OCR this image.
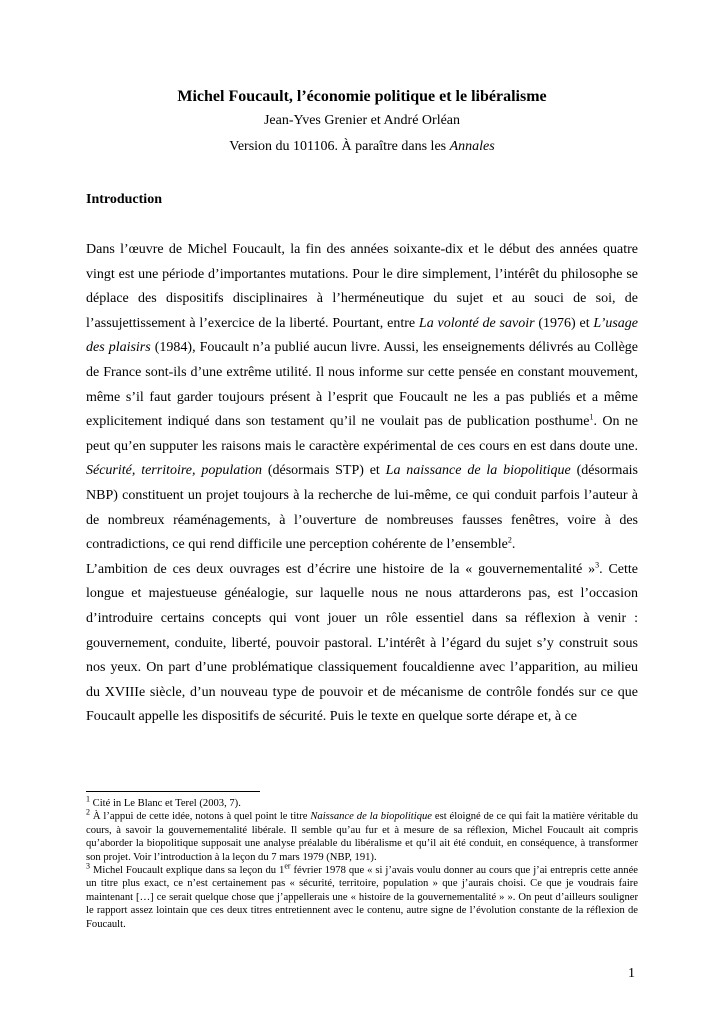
Michel Foucault, l’économie politique et le libéralisme
Jean-Yves Grenier et André Orléan
Version du 101106. À paraître dans les Annales
Introduction

Dans l’œuvre de Michel Foucault, la fin des années soixante-dix et le début des années quatre vingt est une période d’importantes mutations. Pour le dire simplement, l’intérêt du philosophe se déplace des dispositifs disciplinaires à l’herméneutique du sujet et au souci de soi, de l’assujettissement à l’exercice de la liberté. Pourtant, entre La volonté de savoir (1976) et L’usage des plaisirs (1984), Foucault n’a publié aucun livre. Aussi, les enseignements délivrés au Collège de France sont-ils d’une extrême utilité. Il nous informe sur cette pensée en constant mouvement, même s’il faut garder toujours présent à l’esprit que Foucault ne les a pas publiés et a même explicitement indiqué dans son testament qu’il ne voulait pas de publication posthume$^1$. On ne peut qu’en supputer les raisons mais le caractère expérimental de ces cours en est dans doute une. Sécurité, territoire, population (désormais STP) et La naissance de la biopolitique (désormais NBP) constituent un projet toujours à la recherche de lui-même, ce qui conduit parfois l’auteur à de nombreux réaménagements, à l’ouverture de nombreuses fausses fenêtres, voire à des contradictions, ce qui rend difficile une perception cohérente de l’ensemble$^2$.

L’ambition de ces deux ouvrages est d’écrire une histoire de la « gouvernementalité »$^3$. Cette longue et majestueuse généalogie, sur laquelle nous ne nous attarderons pas, est l’occasion d’introduire certains concepts qui vont jouer un rôle essentiel dans sa réflexion à venir : gouvernement, conduite, liberté, pouvoir pastoral. L’intérêt à l’égard du sujet s’y construit sous nos yeux. On part d’une problématique classiquement foucaldienne avec l’apparition, au milieu du XVIIIe siècle, d’un nouveau type de pouvoir et de mécanisme de contrôle fondés sur ce que Foucault appelle les dispositifs de sécurité. Puis le texte en quelque sorte dérape et, à ce

$^1$ Cité in Le Blanc et Terel (2003, 7).

$^2$ À l’appui de cette idée, notons à quel point le titre Naissance de la biopolitique est éloigné de ce qui fait la matière véritable du cours, à savoir la gouvernementalité libérale. Il semble qu’au fur et à mesure de sa réflexion, Michel Foucault ait compris qu’aborder la biopolitique supposait une analyse préalable du libéralisme et qu’il ait été conduit, en conséquence, à transformer son projet. Voir l’introduction à la leçon du 7 mars 1979 (NBP, 191).

$^3$ Michel Foucault explique dans sa leçon du 1er février 1978 que « si j’avais voulu donner au cours que j’ai entrepris cette année un titre plus exact, ce n’est certainement pas « sécurité, territoire, population » que j’aurais choisi. Ce que je voudrais faire maintenant […] ce serait quelque chose que j’appellerais une « histoire de la gouvernementalité » ». On peut d’ailleurs souligner le rapport assez lointain que ces deux titres entretiennent avec le contenu, autre signe de l’évolution constante de la réflexion de Foucault.

1
